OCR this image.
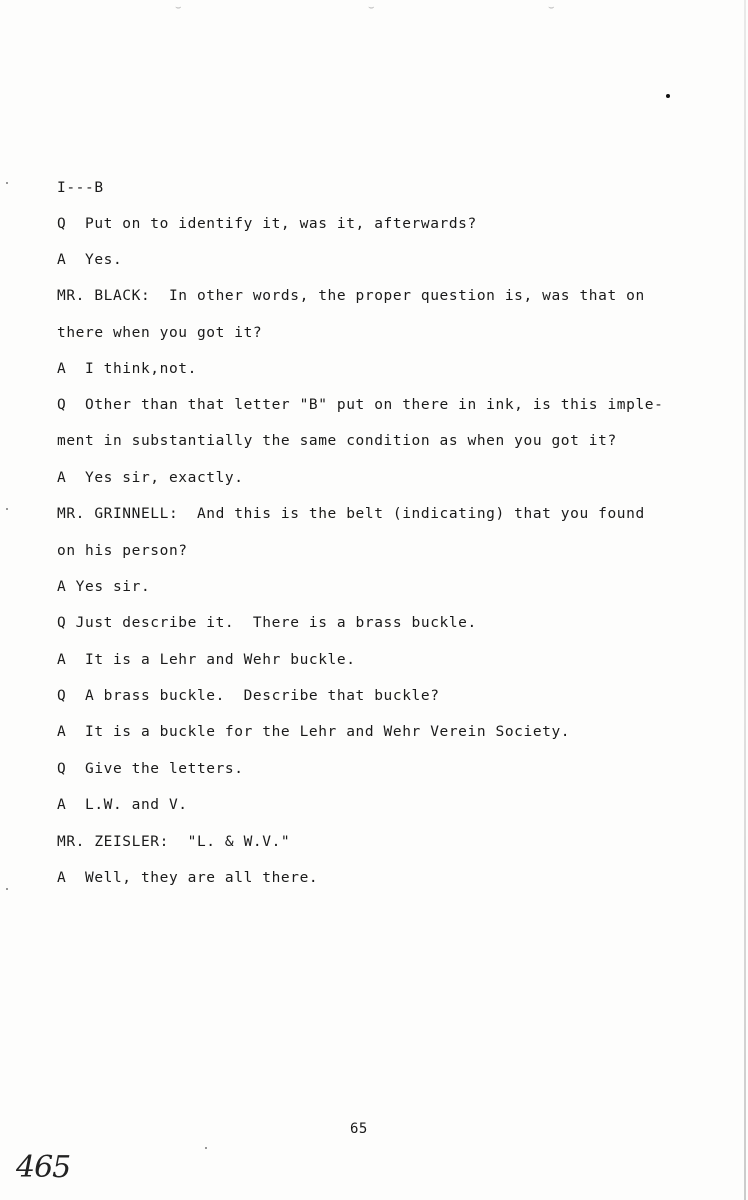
⌣	⌣	⌣
I---B
Q  Put on to identify it, was it, afterwards?
A  Yes.
MR. BLACK:  In other words, the proper question is, was that on
there when you got it?
A  I think,not.
Q  Other than that letter "B" put on there in ink, is this imple-
ment in substantially the same condition as when you got it?
A  Yes sir, exactly.
MR. GRINNELL:  And this is the belt (indicating) that you found
on his person?
A Yes sir.
Q Just describe it.  There is a brass buckle.
A  It is a Lehr and Wehr buckle.
Q  A brass buckle.  Describe that buckle?
A  It is a buckle for the Lehr and Wehr Verein Society.
Q  Give the letters.
A  L.W. and V.
MR. ZEISLER:  "L. & W.V."
A  Well, they are all there.
65
465
